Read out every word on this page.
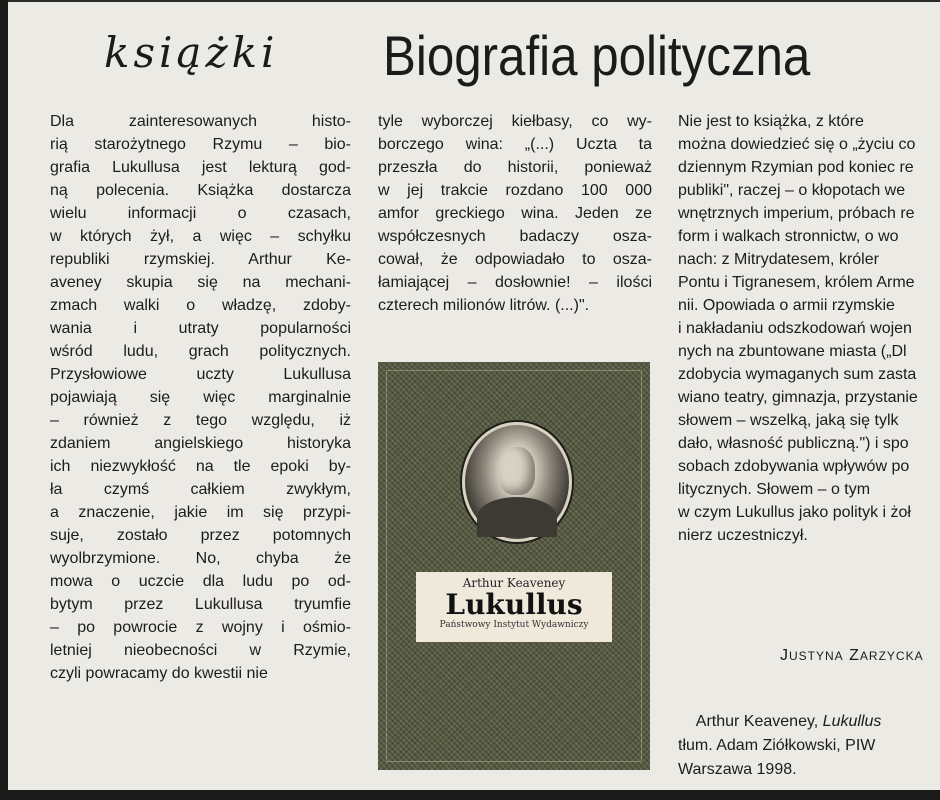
książki Biografia polityczna
Dla zainteresowanych histo-
rią starożytnego Rzymu – bio-
grafia Lukullusa jest lekturą god-
ną polecenia. Książka dostarcza
wielu informacji o czasach,
w których żył, a więc – schyłku
republiki rzymskiej. Arthur Ke-
aveney skupia się na mechani-
zmach walki o władzę, zdoby-
wania i utraty popularności
wśród ludu, grach politycznych.
Przysłowiowe uczty Lukullusa
pojawiają się więc marginalnie
– również z tego względu, iż
zdaniem angielskiego historyka
ich niezwykłość na tle epoki by-
ła czymś całkiem zwykłym,
a znaczenie, jakie im się przypi-
suje, zostało przez potomnych
wyolbrzymione. No, chyba że
mowa o uczcie dla ludu po od-
bytym przez Lukullusa tryumfie
– po powrocie z wojny i ośmio-
letniej nieobecności w Rzymie,
czyli powracamy do kwestii nie
tyle wyborczej kiełbasy, co wy-
borczego wina: „(...) Uczta ta
przeszła do historii, ponieważ
w jej trakcie rozdano 100 000
amfor greckiego wina. Jeden ze
współczesnych badaczy osza-
cował, że odpowiadało to osza-
łamiającej – dosłownie! – ilości
czterech milionów litrów. (...)".
Nie jest to książka, z które
można dowiedzieć się o „życiu co
dziennym Rzymian pod koniec re
publiki", raczej – o kłopotach we
wnętrznych imperium, próbach re
form i walkach stronnictw, o wo
nach: z Mitrydatesem, króler
Pontu i Tigranesem, królem Arme
nii. Opowiada o armii rzymskie
i nakładaniu odszkodowań wojen
nych na zbuntowane miasta („Dl
zdobycia wymaganych sum zasta
wiano teatry, gimnazja, przystanie
słowem – wszelką, jaką się tylk
dało, własność publiczną.") i spo
sobach zdobywania wpływów po
litycznych. Słowem – o tym
w czym Lukullus jako polityk i żoł
nierz uczestniczył.
Arthur Keaveney
Lukullus
Państwowy Instytut Wydawniczy
JUSTYNA ZARZYCKA
Arthur Keaveney, Lukullus
tłum. Adam Ziółkowski, PIW
Warszawa 1998.
